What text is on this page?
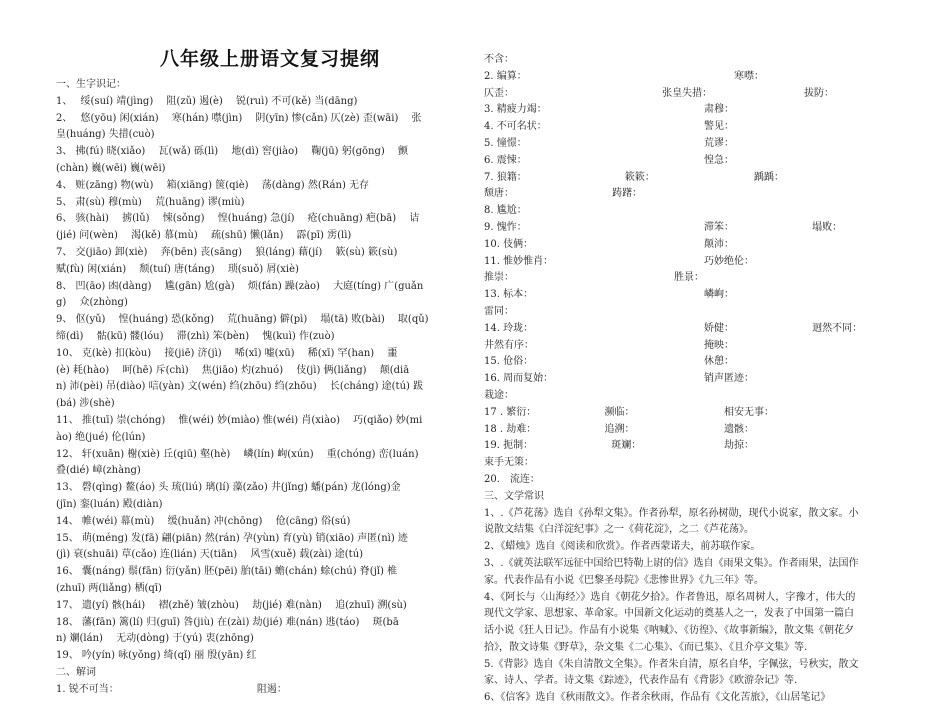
八年级上册语文复习提纲
一、生字识记：
1、　 绥(suí) 靖(jìng)　 阻(zǔ) 遏(è)　 锐(ruì) 不可(kě) 当(dāng)
2、　 悠(yōu) 闲(xián)　 寒(hán) 噤(jìn)　 阴(yīn) 惨(cǎn) 仄(zè) 歪(wāi)　 张
皇(huáng) 失措(cuò)
3、 拂(fú) 晓(xiǎo)　 瓦(wǎ) 砾(lì)　 地(dì) 窖(jiào)　 鞠(jū) 躬(gōng)　 颤
(chàn) 巍(wēi) 巍(wēi)
4、 赃(zāng) 物(wù)　 箱(xiāng) 箧(qiè)　 荡(dàng) 然(Rán) 无存
5、 肃(sù) 穆(mù)　 荒(huāng) 谬(miù)
6、 骇(hài)　 掳(lǔ)　 悚(sǒng)　 惶(huáng) 急(jí)　 疮(chuāng) 疤(bā)　 诘
(jié) 问(wèn)　 渴(kě) 慕(mù)　 疏(shū) 懒(lǎn)　 霹(pī) 雳(lì)
7、 交(jiāo) 卸(xiè)　 奔(bēn) 丧(sāng)　 狼(láng) 藉(jí)　 簌(sù) 簌(sù)
赋(fù) 闲(xián)　 颓(tuí) 唐(táng)　 琐(suǒ) 屑(xiè)
8、 凹(āo) 凼(dàng)　 尴(gān) 尬(gà)　 烦(fán) 躁(zào)　 大庭(tíng) 广(guǎn
g)　 众(zhòng)
9、 伛(yǔ)　 惶(huáng) 恐(kǒng)　 荒(huāng) 僻(pì)　 塌(tā) 败(bài)　 取(qǔ)
缔(dì)　 骷(kū) 髅(lóu)　 滞(zhì) 笨(bèn)　 愧(kuì) 作(zuò)
10、 克(kè) 扣(kòu)　 接(jiē) 济(jì)　 唏(xī) 嘘(xū)　 稀(xī) 罕(han)　 噩
(è) 耗(hào)　 呵(hē) 斥(chì)　 焦(jiāo) 灼(zhuó)　 伎(jì) 俩(liǎng)　 颠(diā
n) 沛(pèi) 吊(diào) 唁(yàn) 文(wén) 绉(zhōu) 绉(zhōu)　 长(cháng) 途(tú) 跋
(bá) 涉(shè)
11、 推(tuī) 崇(chóng)　 惟(wéi) 妙(miào) 惟(wéi) 肖(xiào)　 巧(qiǎo) 妙(mi
ào) 绝(jué) 伦(lún)
12、 轩(xuān) 榭(xiè) 丘(qiū) 壑(hè)　 嶙(lín) 峋(xún)　 重(chóng) 峦(luán)
叠(dié) 嶂(zhàng)
13、 磬(qìng) 鳌(áo) 头 琉(liú) 璃(lí) 藻(zǎo) 井(jǐng) 蟠(pán) 龙(lóng)金
(jīn) 銮(luán) 殿(diàn)
14、 帷(wéi) 幕(mù)　 缓(huǎn) 冲(chōng)　 伧(cāng) 俗(sú)
15、 萌(méng) 发(fā) 翩(piān) 然(rán) 孕(yùn) 育(yù) 销(xiāo) 声匿(nì) 迹
(jì) 衰(shuāi) 草(cǎo) 连(lián) 天(tiān)　 风雪(xuě) 载(zài) 途(tú)
16、 囊(náng) 鬃(fān) 衍(yǎn) 胚(pēi) 胎(tāi) 蟾(chán) 蜍(chú) 脊(jǐ) 椎
(zhuī) 两(liǎng) 栖(qī)
17、 遗(yí) 骸(hái)　 褶(zhě) 皱(zhòu)　 劫(jié) 难(nàn)　 追(zhuī) 溯(sù)
18、 藩(fān) 篱(lí) 归(guī) 咎(jiù) 在(zài) 劫(jié) 难(nán) 逃(táo)　 斑(bā
n) 斓(lán)　 无动(dòng) 于(yú) 衷(zhōng)
19、 吟(yín) 咏(yǒng) 绮(qǐ) 丽 殷(yān) 红
二、解词
1. 锐不可当：　　　　　　　　　　　　　　 阻遏：
不含：
2. 编算：	寒噤：
仄歪：　　　　　　　　　　　　　　　 张皇失措：	拔防：
3. 精疲力竭：	肃穆：
4. 不可名状：	警见：
5. 憧憬：	荒谬：
6. 震悚：	惶急：
7. 狼籍：　　　　　　　　　　 簌簌：	踽踽：
颓唐：　　　　　　　　　　 踌躇：
8. 尴尬：
9. 愧怍：	滞笨：　　　　　　　　 塌败：
10. 伎俩：	颠沛：
11. 惟妙惟肖：	巧妙绝伦：
推崇：	胜景：
13. 标本：	嶙峋：
雷同：
14. 玲珑：	娇健：　　　　　　　　 迥然不同：
井然有序：	掩映：
15. 伧俗：	休憩：
16. 周而复始：	销声匿迹：
栽途：
17 . 繁衍：　　　　　　　 濒临：	相安无事：
18 . 劫难：　　　　　　　 追溯：	遗骸：
19. 扼制：　　　　　　　　 斑斓：	劫掠：
束手无策：
20.　流连：
三、文学常识
1、.《芦花荡》选自《孙犁文集》。作者孙犁，原名孙树勋，现代小说家，散文家。小
说散文结集《白洋淀纪事》之一《荷花淀》，之二《芦花荡》。
2、《蜡烛》选自《阅读和欣赏》。作者西蒙诺夫，前苏联作家。
3、.《就英法联军远征中国给巴特勒上尉的信》选自《雨果文集》。作者雨果，法国作
家。代表作品有小说《巴黎圣母院》《悲惨世界》《九三年》等。
4、《阿长与〈山海经〉》选自《朝花夕拾》。作者鲁迅，原名周树人，字豫才，伟大的
现代文学家、思想家、革命家。中国新文化运动的奠基人之一，发表了中国第一篇白
话小说《狂人日记》。作品有小说集《呐喊》、《彷徨》、《故事新编》，散文集《朝花夕
拾》，散文诗集《野草》，杂文集《二心集》、《而已集》、《且介亭文集》等.
5.《背影》选自《朱自清散文全集》。作者朱自清，原名自华，字佩弦，号秋实，散文
家、诗人、学者。诗文集《踪迹》，代表作品有《背影》《欧游杂记》等.
6、《信客》选自《秋雨散文》。作者余秋雨，作品有《文化苦旅》，《山居笔记》
